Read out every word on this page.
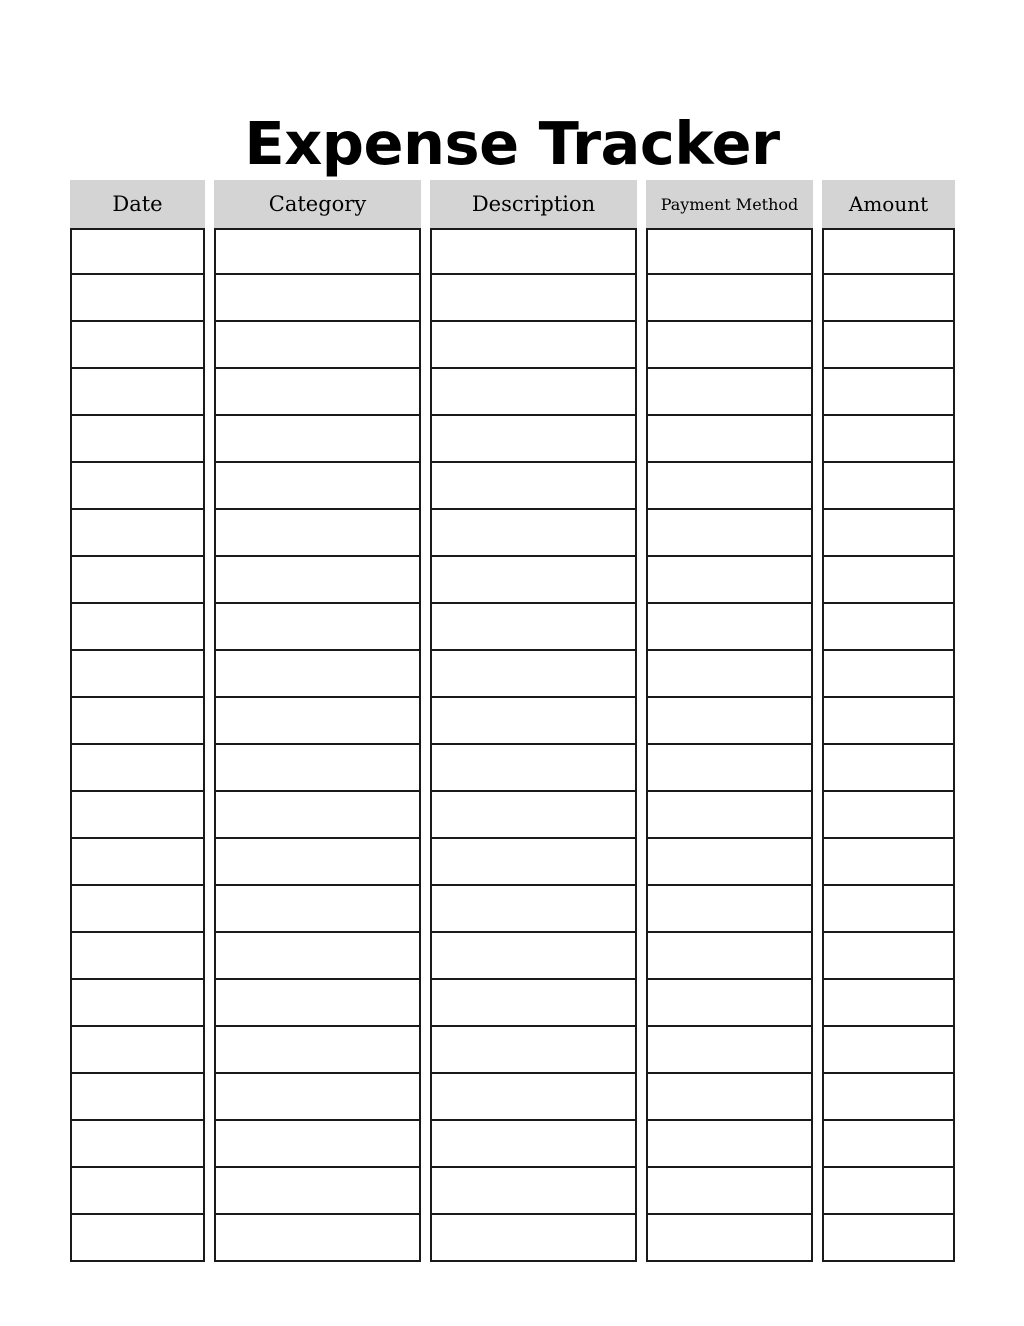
Expense Tracker
Date	Category	Description	Payment Method	Amount
